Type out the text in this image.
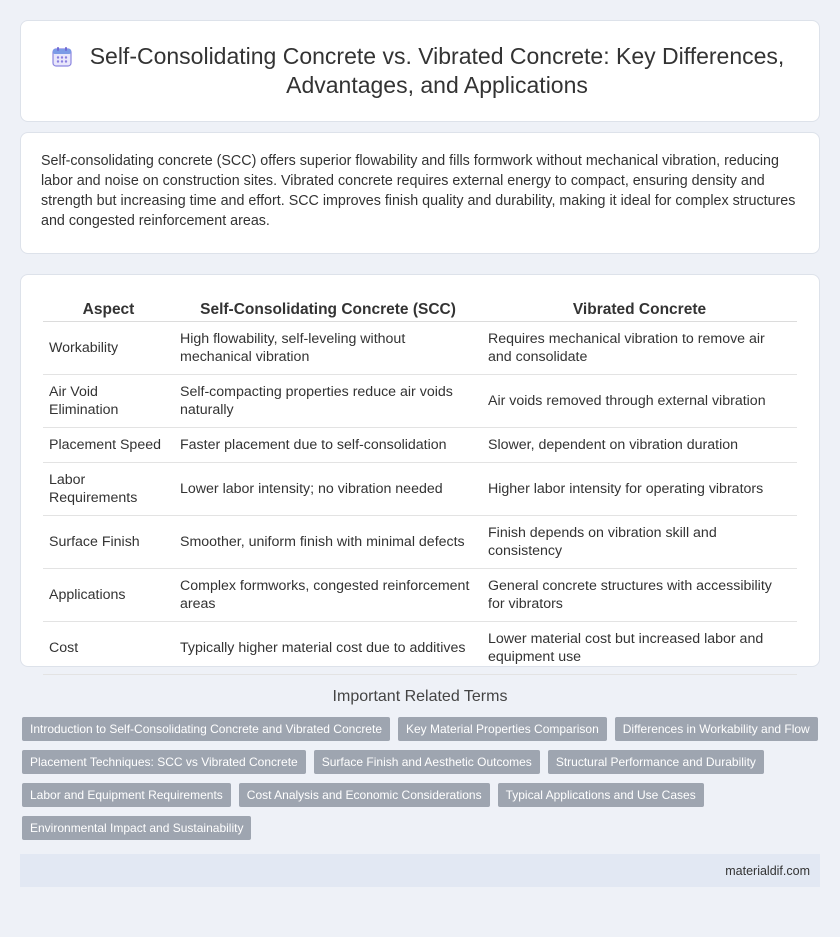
Self-Consolidating Concrete vs. Vibrated Concrete: Key Differences, Advantages, and Applications
Self-consolidating concrete (SCC) offers superior flowability and fills formwork without mechanical vibration, reducing labor and noise on construction sites. Vibrated concrete requires external energy to compact, ensuring density and strength but increasing time and effort. SCC improves finish quality and durability, making it ideal for complex structures and congested reinforcement areas.
Aspect	Self-Consolidating Concrete (SCC)	Vibrated Concrete
Workability	High flowability, self-leveling without mechanical vibration	Requires mechanical vibration to remove air and consolidate
Air Void Elimination	Self-compacting properties reduce air voids naturally	Air voids removed through external vibration
Placement Speed	Faster placement due to self-consolidation	Slower, dependent on vibration duration
Labor Requirements	Lower labor intensity; no vibration needed	Higher labor intensity for operating vibrators
Surface Finish	Smoother, uniform finish with minimal defects	Finish depends on vibration skill and consistency
Applications	Complex formworks, congested reinforcement areas	General concrete structures with accessibility for vibrators
Cost	Typically higher material cost due to additives	Lower material cost but increased labor and equipment use
Important Related Terms
Introduction to Self-Consolidating Concrete and Vibrated Concrete	Key Material Properties Comparison	Differences in Workability and Flow
Placement Techniques: SCC vs Vibrated Concrete	Surface Finish and Aesthetic Outcomes	Structural Performance and Durability
Labor and Equipment Requirements	Cost Analysis and Economic Considerations	Typical Applications and Use Cases
Environmental Impact and Sustainability
materialdif.com
